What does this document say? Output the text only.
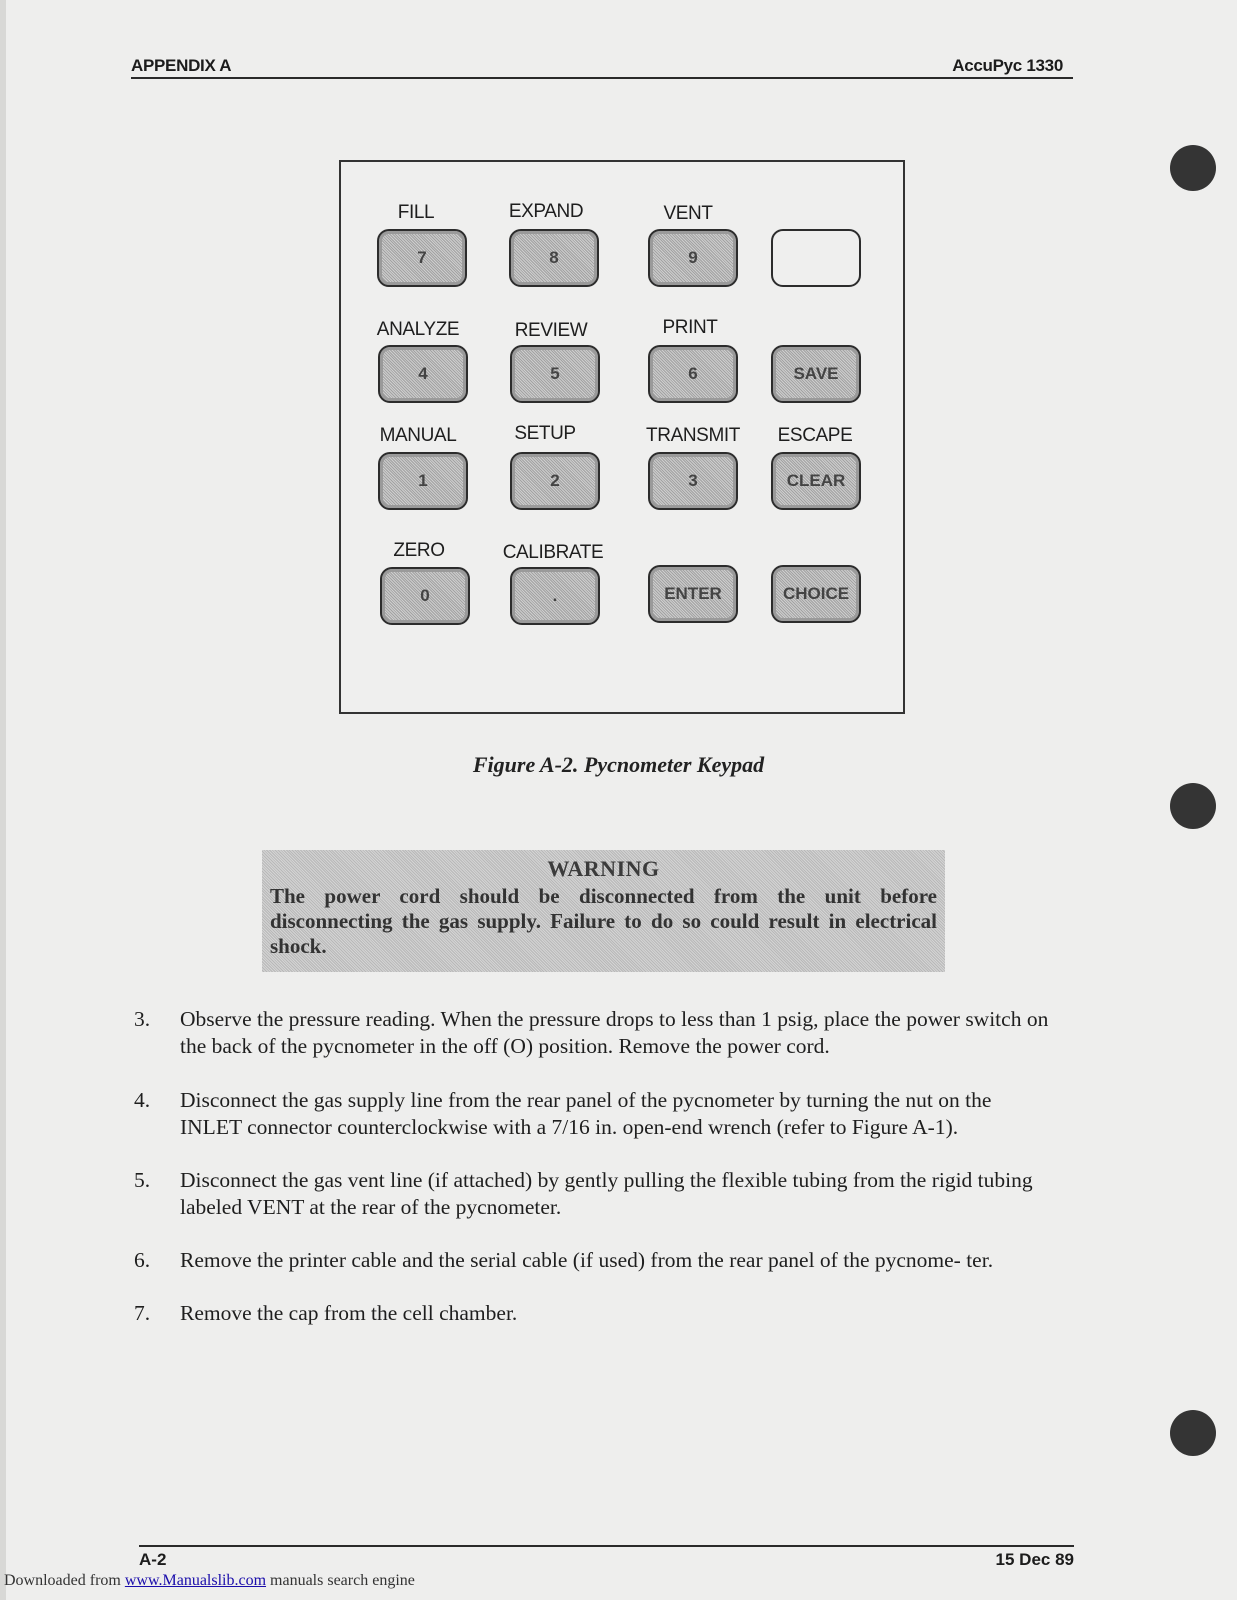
APPENDIX A	AccuPyc 1330
FILL	EXPAND	VENT
7	8	9
ANALYZE	REVIEW	PRINT
4	5	6	SAVE
MANUAL	SETUP	TRANSMIT	ESCAPE
1	2	3	CLEAR
ZERO	CALIBRATE
0	.	ENTER	CHOICE
Figure A-2. Pycnometer Keypad
WARNING
The power cord should be disconnected from the unit before disconnecting the gas supply. Failure to do so could result in electrical shock.
3. Observe the pressure reading. When the pressure drops to less than 1 psig, place the power switch on the back of the pycnometer in the off (O) position. Remove the power cord.
4. Disconnect the gas supply line from the rear panel of the pycnometer by turning the nut on the INLET connector counterclockwise with a 7/16 in. open-end wrench (refer to Figure A-1).
5. Disconnect the gas vent line (if attached) by gently pulling the flexible tubing from the rigid tubing labeled VENT at the rear of the pycnometer.
6. Remove the printer cable and the serial cable (if used) from the rear panel of the pycnome- ter.
7. Remove the cap from the cell chamber.
A-2	15 Dec 89
Downloaded from www.Manualslib.com manuals search engine
